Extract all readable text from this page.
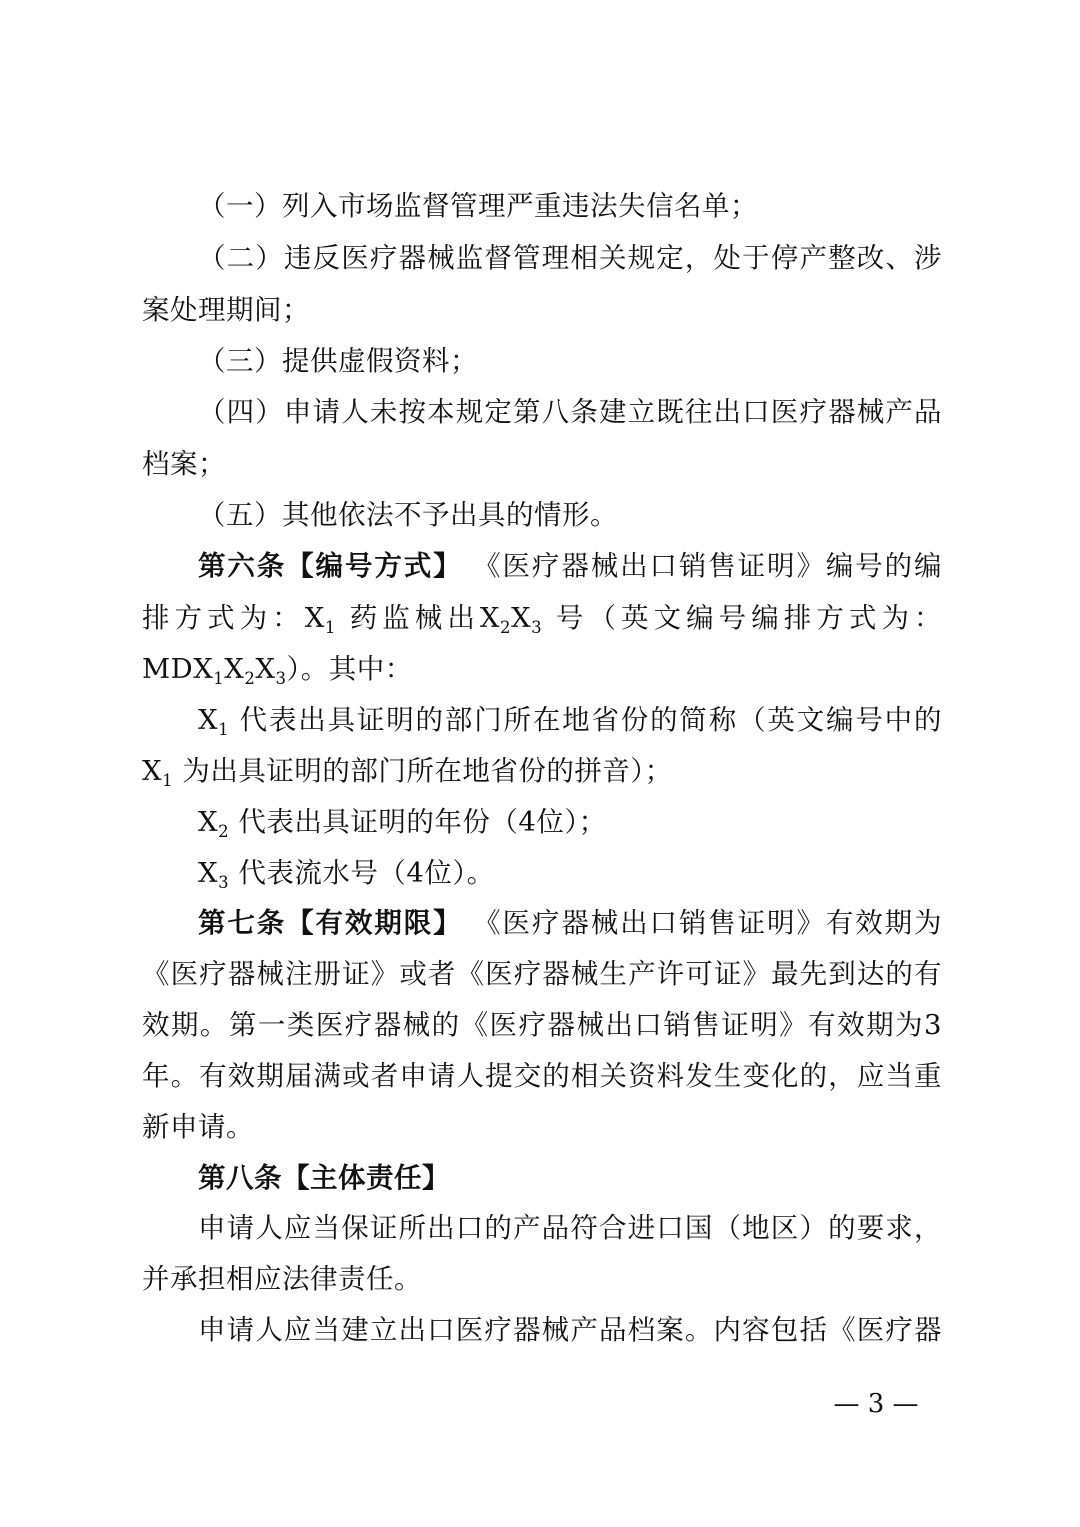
（一）列入市场监督管理严重违法失信名单；
（二）违反医疗器械监督管理相关规定，处于停产整改、涉
案处理期间；
（三）提供虚假资料；
（四）申请人未按本规定第八条建立既往出口医疗器械产品
档案；
（五）其他依法不予出具的情形。
第六条【编号方式】 《医疗器械出口销售证明》编号的编
排方式为：$X_1$ 药监械出$X_2X_3$ 号（英文编号编排方式为：
$MDX_1X_2X_3$）。其中：
$X_1$ 代表出具证明的部门所在地省份的简称（英文编号中的
$X_1$ 为出具证明的部门所在地省份的拼音）；
$X_2$ 代表出具证明的年份（4位）；
$X_3$ 代表流水号（4位）。
第七条【有效期限】 《医疗器械出口销售证明》有效期为
《医疗器械注册证》或者《医疗器械生产许可证》最先到达的有
效期。第一类医疗器械的《医疗器械出口销售证明》有效期为3
年。有效期届满或者申请人提交的相关资料发生变化的，应当重
新申请。
第八条【主体责任】
申请人应当保证所出口的产品符合进口国（地区）的要求，
并承担相应法律责任。
申请人应当建立出口医疗器械产品档案。内容包括《医疗器
— 3 —
